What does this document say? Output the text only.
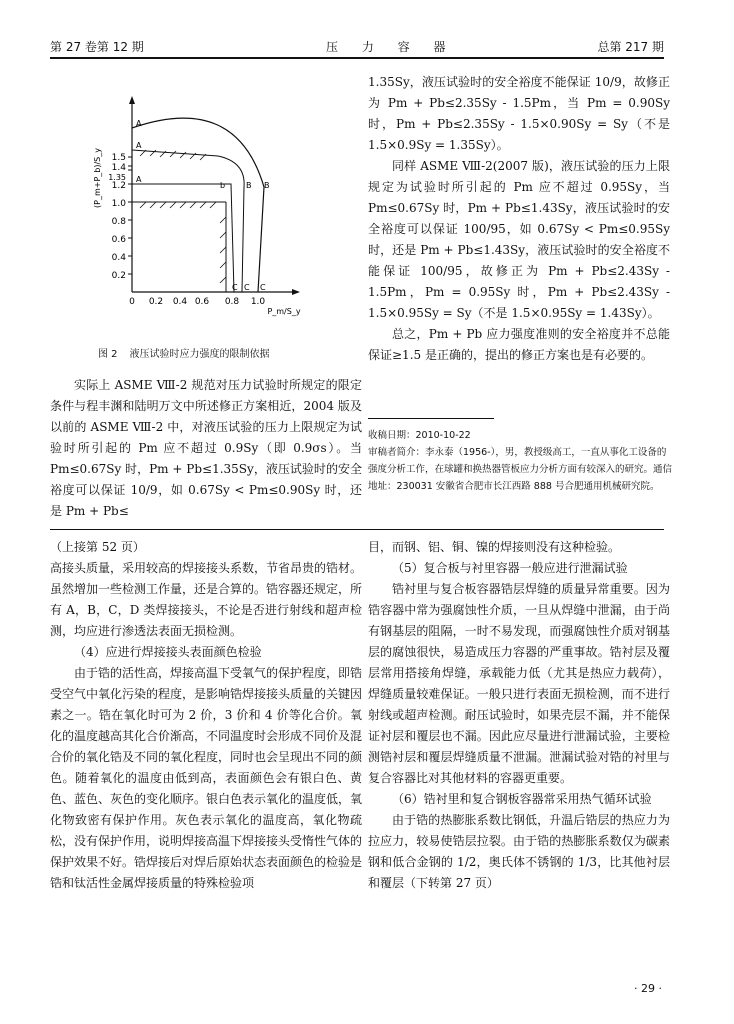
第 27 卷第 12 期	压 力 容 器	总第 217 期
1.5
1.4
1.35
1.2
1.0
0.8
0.6
0.4
0.2
(P_m+P_b)/S_y
0 0.2 0.4 0.6 0.8 1.0
P_m/S_y
A
A
A
b	B B
C C C
图 2 液压试验时应力强度的限制依据

实际上 ASME Ⅷ-2 规范对压力试验时所规定的限定条件与程丰渊和陆明万文中所述修正方案相近，2004 版及以前的 ASME Ⅷ-2 中，对液压试验的压力上限规定为试验时所引起的 Pm 应不超过 0.9Sy（即 0.9σs）。当 Pm≤0.67Sy 时，Pm + Pb≤1.35Sy，液压试验时的安全裕度可以保证 10/9，如 0.67Sy < Pm≤0.90Sy 时，还是 Pm + Pb≤

1.35Sy，液压试验时的安全裕度不能保证 10/9，故修正为 Pm + Pb≤2.35Sy - 1.5Pm，当 Pm = 0.90Sy 时，Pm + Pb≤2.35Sy - 1.5×0.90Sy = Sy（不是 1.5×0.9Sy = 1.35Sy）。

同样 ASME Ⅷ-2(2007 版)，液压试验的压力上限规定为试验时所引起的 Pm 应不超过 0.95Sy，当 Pm≤0.67Sy 时，Pm + Pb≤1.43Sy，液压试验时的安全裕度可以保证 100/95，如 0.67Sy < Pm≤0.95Sy 时，还是 Pm + Pb≤1.43Sy，液压试验时的安全裕度不能保证 100/95，故修正为 Pm + Pb≤2.43Sy - 1.5Pm，Pm = 0.95Sy 时，Pm + Pb≤2.43Sy - 1.5×0.95Sy = Sy（不是 1.5×0.95Sy = 1.43Sy）。

总之，Pm + Pb 应力强度准则的安全裕度并不总能保证≥1.5 是正确的，提出的修正方案也是有必要的。

收稿日期：2010-10-22

审稿者简介：李永泰（1956-），男，教授级高工，一直从事化工设备的强度分析工作，在球罐和换热器管板应力分析方面有较深入的研究。通信地址：230031 安徽省合肥市长江西路 888 号合肥通用机械研究院。

（上接第 52 页）

高接头质量，采用较高的焊接接头系数，节省昂贵的锆材。虽然增加一些检测工作量，还是合算的。锆容器还规定，所有 A，B，C，D 类焊接接头，不论是否进行射线和超声检测，均应进行渗透法表面无损检测。

（4）应进行焊接接头表面颜色检验

由于锆的活性高，焊接高温下受氧气的保护程度，即锆受空气中氧化污染的程度，是影响锆焊接接头质量的关键因素之一。锆在氧化时可为 2 价，3 价和 4 价等化合价。氧化的温度越高其化合价渐高，不同温度时会形成不同价及混合价的氧化锆及不同的氧化程度，同时也会呈现出不同的颜色。随着氧化的温度由低到高，表面颜色会有银白色、黄色、蓝色、灰色的变化顺序。银白色表示氧化的温度低，氧化物致密有保护作用。灰色表示氧化的温度高，氧化物疏松，没有保护作用，说明焊接高温下焊接接头受惰性气体的保护效果不好。锆焊接后对焊后原始状态表面颜色的检验是锆和钛活性金属焊接质量的特殊检验项

目，而钢、铝、铜、镍的焊接则没有这种检验。

（5）复合板与衬里容器一般应进行泄漏试验

锆衬里与复合板容器锆层焊缝的质量异常重要。因为锆容器中常为强腐蚀性介质，一旦从焊缝中泄漏，由于尚有钢基层的阻隔，一时不易发现，而强腐蚀性介质对钢基层的腐蚀很快，易造成压力容器的严重事故。锆衬层及覆层常用搭接角焊缝，承载能力低（尤其是热应力载荷），焊缝质量较难保证。一般只进行表面无损检测，而不进行射线或超声检测。耐压试验时，如果壳层不漏，并不能保证衬层和覆层也不漏。因此应尽量进行泄漏试验，主要检测锆衬层和覆层焊缝质量不泄漏。泄漏试验对锆的衬里与复合容器比对其他材料的容器更重要。

（6）锆衬里和复合钢板容器常采用热气循环试验

由于锆的热膨胀系数比钢低，升温后锆层的热应力为拉应力，较易使锆层拉裂。由于锆的热膨胀系数仅为碳素钢和低合金钢的 1/2，奥氏体不锈钢的 1/3，比其他衬层和覆层（下转第 27 页）

· 29 ·
